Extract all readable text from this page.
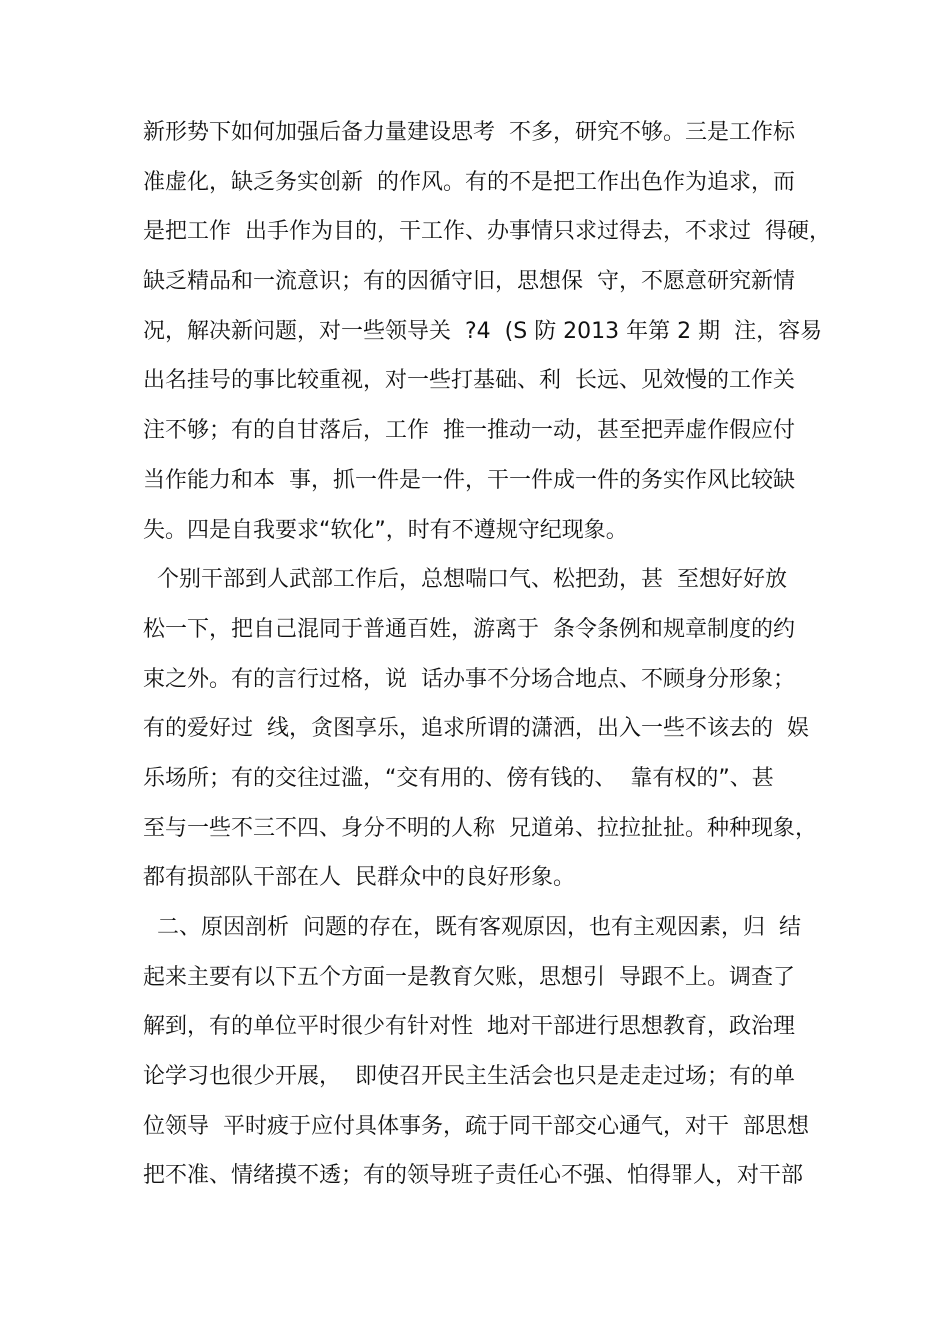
新形势下如何加强后备力量建设思考  不多，研究不够。三是工作标
准虚化，缺乏务实创新  的作风。有的不是把工作出色作为追求，而
是把工作  出手作为目的，干工作、办事情只求过得去，不求过  得硬，
缺乏精品和一流意识；有的因循守旧，思想保  守，不愿意研究新情
况，解决新问题，对一些领导关  ?4  (S 防 2013 年第 2 期  注，容易
出名挂号的事比较重视，对一些打基础、利  长远、见效慢的工作关
注不够；有的自甘落后，工作  推一推动一动，甚至把弄虚作假应付
当作能力和本  事，抓一件是一件，干一件成一件的务实作风比较缺
失。四是自我要求“软化”，时有不遵规守纪现象。
个别干部到人武部工作后，总想喘口气、松把劲，甚  至想好好放
松一下，把自己混同于普通百姓，游离于  条令条例和规章制度的约
束之外。有的言行过格，说  话办事不分场合地点、不顾身分形象；
有的爱好过  线，贪图享乐，追求所谓的潇洒，出入一些不该去的  娱
乐场所；有的交往过滥，“交有用的、傍有钱的、  靠有权的”、甚
至与一些不三不四、身分不明的人称  兄道弟、拉拉扯扯。种种现象，
都有损部队干部在人  民群众中的良好形象。
二、原因剖析  问题的存在，既有客观原因，也有主观因素，归  结
起来主要有以下五个方面一是教育欠账，思想引  导跟不上。调查了
解到，有的单位平时很少有针对性  地对干部进行思想教育，政治理
论学习也很少开展，  即使召开民主生活会也只是走走过场；有的单
位领导  平时疲于应付具体事务，疏于同干部交心通气，对干  部思想
把不准、情绪摸不透；有的领导班子责任心不强、怕得罪人，对干部
